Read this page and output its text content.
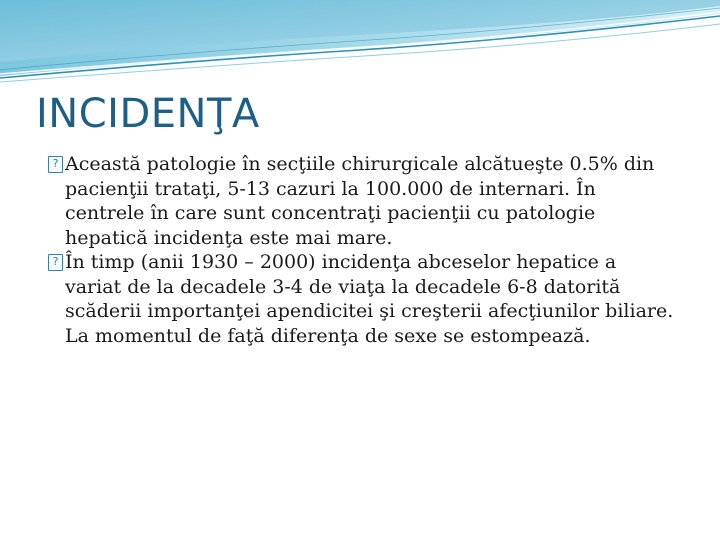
INCIDENŢA

?
Această patologie în secţiile chirurgicale alcătueşte 0.5% din pacienţii trataţi, 5-13 cazuri la 100.000 de internari. În centrele în care sunt concentraţi pacienţii cu patologie hepatică incidenţa este mai mare.

?
În timp (anii 1930 – 2000) incidenţa abceselor hepatice a variat de la decadele 3-4 de viaţa la decadele 6-8 datorită scăderii importanţei apendicitei şi creşterii afecţiunilor biliare. La momentul de faţă diferenţa de sexe se estompează.
